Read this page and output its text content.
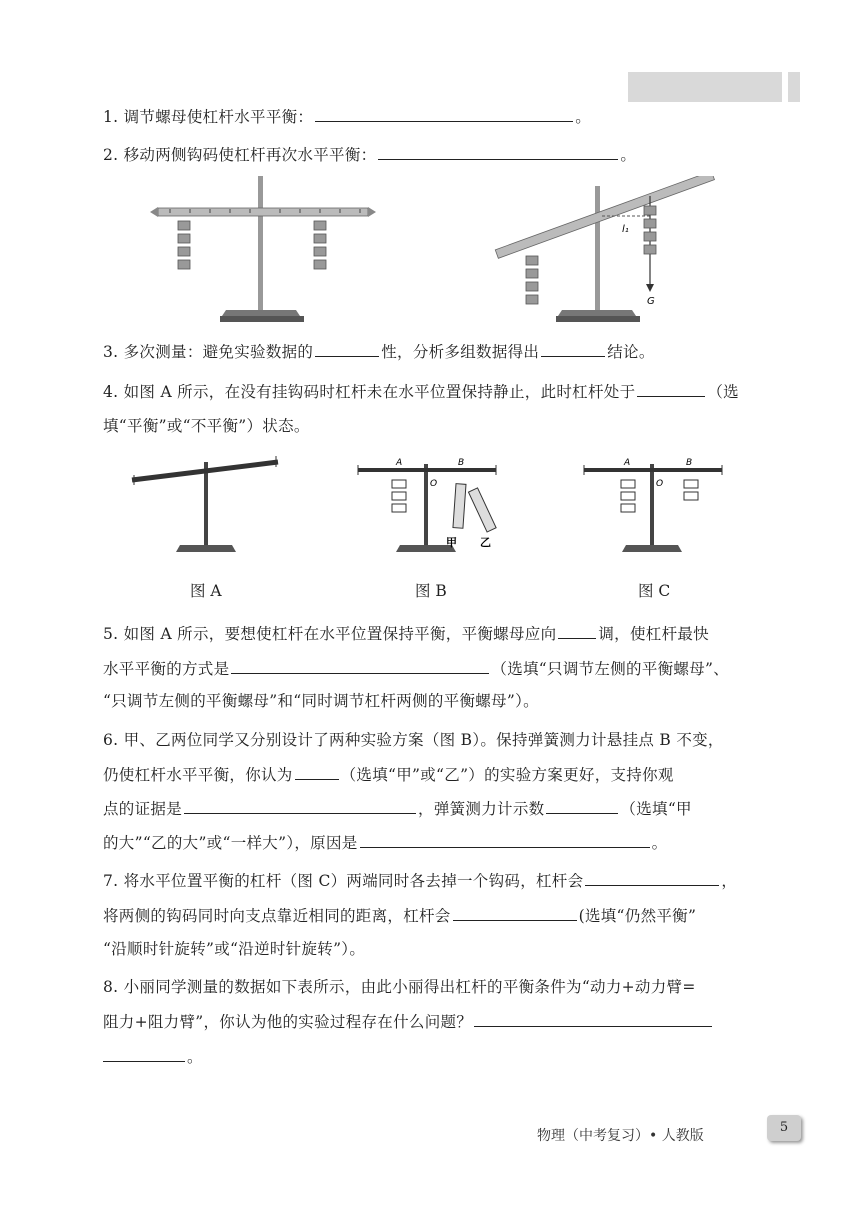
1. 调节螺母使杠杆水平平衡：	。
2. 移动两侧钩码使杠杆再次水平平衡：	。
l₁
G
3. 多次测量：避免实验数据的	性，分析多组数据得出	结论。
4. 如图 A 所示，在没有挂钩码时杠杆未在水平位置保持静止，此时杠杆处于	（选
填“平衡”或“不平衡”）状态。
A	B
O
甲 乙
A	B
O
图 A	图 B	图 C
5. 如图 A 所示，要想使杠杆在水平位置保持平衡，平衡螺母应向	调，使杠杆最快
水平平衡的方式是	（选填“只调节左侧的平衡螺母”、
“只调节左侧的平衡螺母”和“同时调节杠杆两侧的平衡螺母”）。
6. 甲、乙两位同学又分别设计了两种实验方案（图 B）。保持弹簧测力计悬挂点 B 不变，
仍使杠杆水平平衡，你认为	（选填“甲”或“乙”）的实验方案更好，支持你观
点的证据是	，弹簧测力计示数	（选填“甲
的大”“乙的大”或“一样大”），原因是	。
7. 将水平位置平衡的杠杆（图 C）两端同时各去掉一个钩码，杠杆会	，
将两侧的钩码同时向支点靠近相同的距离，杠杆会	(选填“仍然平衡”
“沿顺时针旋转”或“沿逆时针旋转”）。
8. 小丽同学测量的数据如下表所示，由此小丽得出杠杆的平衡条件为“动力+动力臂=
阻力+阻力臂”，你认为他的实验过程存在什么问题？
。
物理（中考复习）• 人教版
5
